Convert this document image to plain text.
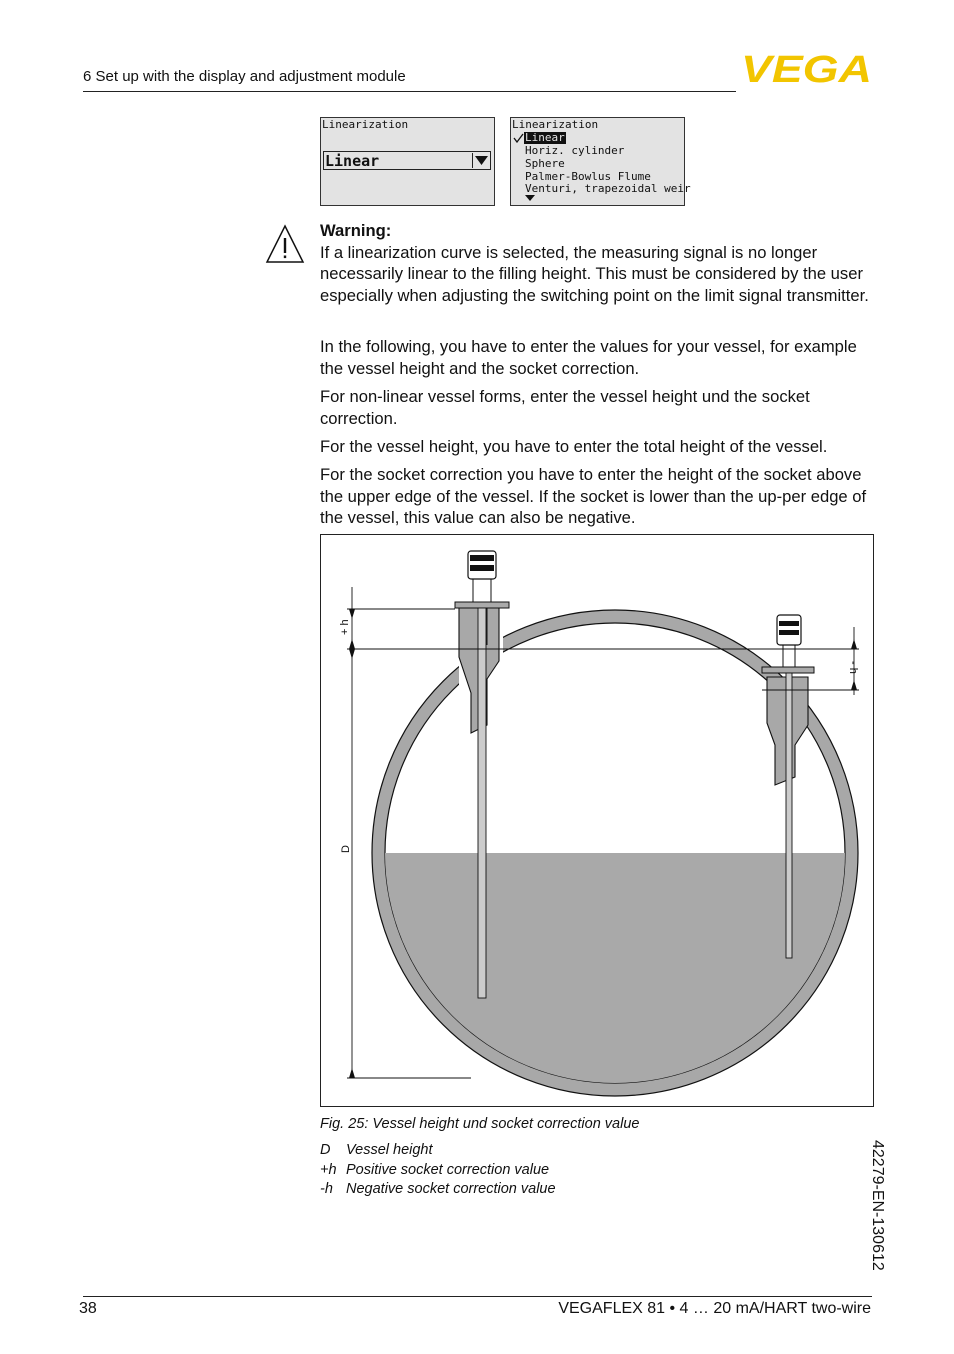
6 Set up with the display and adjustment module	VEGA
Linearization
Linear
Linearization
Linear
Horiz. cylinder
Sphere
Palmer-Bowlus Flume
Venturi, trapezoidal weir

Warning:

If a linearization curve is selected, the measuring signal is no longer necessarily linear to the filling height. This must be considered by the user especially when adjusting the switching point on the limit signal transmitter.

In the following, you have to enter the values for your vessel, for example the vessel height and the socket correction.

For non-linear vessel forms, enter the vessel height und the socket correction.

For the vessel height, you have to enter the total height of the vessel.

For the socket correction you have to enter the height of the socket above the upper edge of the vessel. If the socket is lower than the up-per edge of the vessel, this value can also be negative.

+ h
- h
D
Fig. 25: Vessel height und socket correction value
D	Vessel height
+h Positive socket correction value
-h Negative socket correction value	42279-EN-130612
38	VEGAFLEX 81 • 4 … 20 mA/HART two-wire
